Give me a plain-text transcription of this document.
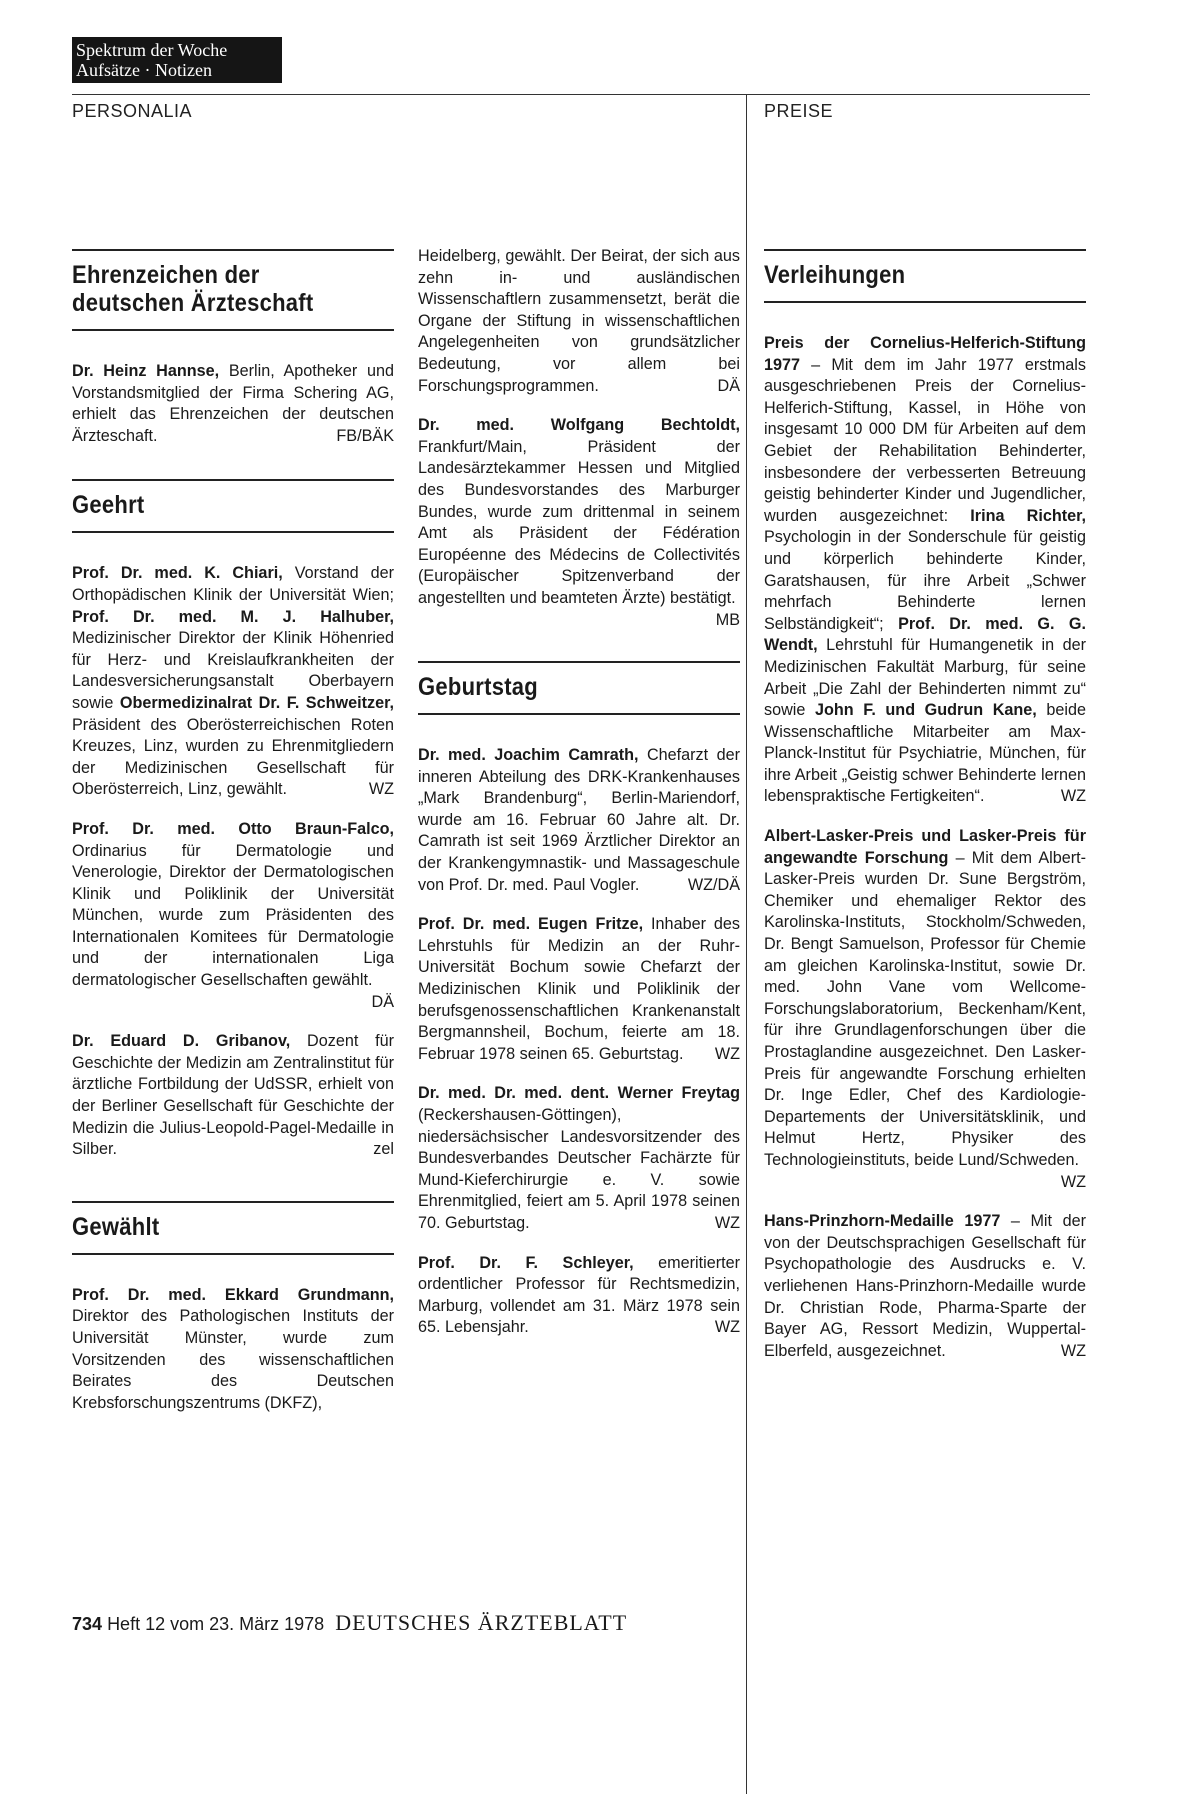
Spektrum der Woche
Aufsätze · Notizen
PERSONALIA	PREISE
Ehrenzeichen der deutschen Ärzteschaft

Dr. Heinz Hannse, Berlin, Apotheker und Vorstandsmitglied der Firma Schering AG, erhielt das Ehrenzeichen der deutschen Ärzteschaft.	FB/BÄK

Geehrt

Prof. Dr. med. K. Chiari, Vorstand der Orthopädischen Klinik der Universität Wien; Prof. Dr. med. M. J. Halhuber, Medizinischer Direktor der Klinik Höhenried für Herz- und Kreislaufkrankheiten der Landesversicherungsanstalt Oberbayern sowie Obermedizinalrat Dr. F. Schweitzer, Präsident des Oberösterreichischen Roten Kreuzes, Linz, wurden zu Ehrenmitgliedern der Medizinischen Gesellschaft für Oberösterreich, Linz, gewählt.	WZ

Prof. Dr. med. Otto Braun-Falco, Ordinarius für Dermatologie und Venerologie, Direktor der Dermatologischen Klinik und Poliklinik der Universität München, wurde zum Präsidenten des Internationalen Komitees für Dermatologie und der internationalen Liga dermatologischer Gesellschaften gewählt.
DÄ

Dr. Eduard D. Gribanov, Dozent für Geschichte der Medizin am Zentralinstitut für ärztliche Fortbildung der UdSSR, erhielt von der Berliner Gesellschaft für Geschichte der Medizin die Julius-Leopold-Pagel-Medaille in Silber.	zel

Gewählt

Prof. Dr. med. Ekkard Grundmann, Direktor des Pathologischen Instituts der Universität Münster, wurde zum Vorsitzenden des wissenschaftlichen Beirates des Deutschen Krebsforschungszentrums (DKFZ),

Heidelberg, gewählt. Der Beirat, der sich aus zehn in- und ausländischen Wissenschaftlern zusammensetzt, berät die Organe der Stiftung in wissenschaftlichen Angelegenheiten von grundsätzlicher Bedeutung, vor allem bei Forschungsprogrammen.	DÄ

Dr. med. Wolfgang Bechtoldt, Frankfurt/Main, Präsident der Landesärztekammer Hessen und Mitglied des Bundesvorstandes des Marburger Bundes, wurde zum drittenmal in seinem Amt als Präsident der Fédération Européenne des Médecins de Collectivités (Europäischer Spitzenverband der angestellten und beamteten Ärzte) bestätigt.
MB

Geburtstag

Dr. med. Joachim Camrath, Chefarzt der inneren Abteilung des DRK-Krankenhauses „Mark Brandenburg“, Berlin-Mariendorf, wurde am 16. Februar 60 Jahre alt. Dr. Camrath ist seit 1969 Ärztlicher Direktor an der Krankengymnastik- und Massageschule von Prof. Dr. med. Paul Vogler.	WZ/DÄ

Prof. Dr. med. Eugen Fritze, Inhaber des Lehrstuhls für Medizin an der Ruhr-Universität Bochum sowie Chefarzt der Medizinischen Klinik und Poliklinik der berufsgenossenschaftlichen Krankenanstalt Bergmannsheil, Bochum, feierte am 18. Februar 1978 seinen 65. Geburtstag. WZ

Dr. med. Dr. med. dent. Werner Freytag (Reckershausen-Göttingen), niedersächsischer Landesvorsitzender des Bundesverbandes Deutscher Fachärzte für Mund-Kieferchirurgie e. V. sowie Ehrenmitglied, feiert am 5. April 1978 seinen 70. Geburtstag.	WZ

Prof. Dr. F. Schleyer, emeritierter ordentlicher Professor für Rechtsmedizin, Marburg, vollendet am 31. März 1978 sein 65. Lebensjahr.	WZ

Verleihungen

Preis der Cornelius-Helferich-Stiftung 1977 – Mit dem im Jahr 1977 erstmals ausgeschriebenen Preis der Cornelius-Helferich-Stiftung, Kassel, in Höhe von insgesamt 10 000 DM für Arbeiten auf dem Gebiet der Rehabilitation Behinderter, insbesondere der verbesserten Betreuung geistig behinderter Kinder und Jugendlicher, wurden ausgezeichnet: Irina Richter, Psychologin in der Sonderschule für geistig und körperlich behinderte Kinder, Garatshausen, für ihre Arbeit „Schwer mehrfach Behinderte lernen Selbständigkeit“; Prof. Dr. med. G. G. Wendt, Lehrstuhl für Humangenetik in der Medizinischen Fakultät Marburg, für seine Arbeit „Die Zahl der Behinderten nimmt zu“ sowie John F. und Gudrun Kane, beide Wissenschaftliche Mitarbeiter am Max-Planck-Institut für Psychiatrie, München, für ihre Arbeit „Geistig schwer Behinderte lernen lebenspraktische Fertigkeiten“.	WZ

Albert-Lasker-Preis und Lasker-Preis für angewandte Forschung – Mit dem Albert-Lasker-Preis wurden Dr. Sune Bergström, Chemiker und ehemaliger Rektor des Karolinska-Instituts, Stockholm/Schweden, Dr. Bengt Samuelson, Professor für Chemie am gleichen Karolinska-Institut, sowie Dr. med. John Vane vom Wellcome-Forschungslaboratorium, Beckenham/Kent, für ihre Grundlagenforschungen über die Prostaglandine ausgezeichnet. Den Lasker-Preis für angewandte Forschung erhielten Dr. Inge Edler, Chef des Kardiologie-Departements der Universitätsklinik, und Helmut Hertz, Physiker des Technologieinstituts, beide Lund/Schweden.
WZ

Hans-Prinzhorn-Medaille 1977 – Mit der von der Deutschsprachigen Gesellschaft für Psychopathologie des Ausdrucks e. V. verliehenen Hans-Prinzhorn-Medaille wurde Dr. Christian Rode, Pharma-Sparte der Bayer AG, Ressort Medizin, Wuppertal-Elberfeld, ausgezeichnet.	WZ

734 Heft 12 vom 23. März 1978 DEUTSCHES ÄRZTEBLATT
